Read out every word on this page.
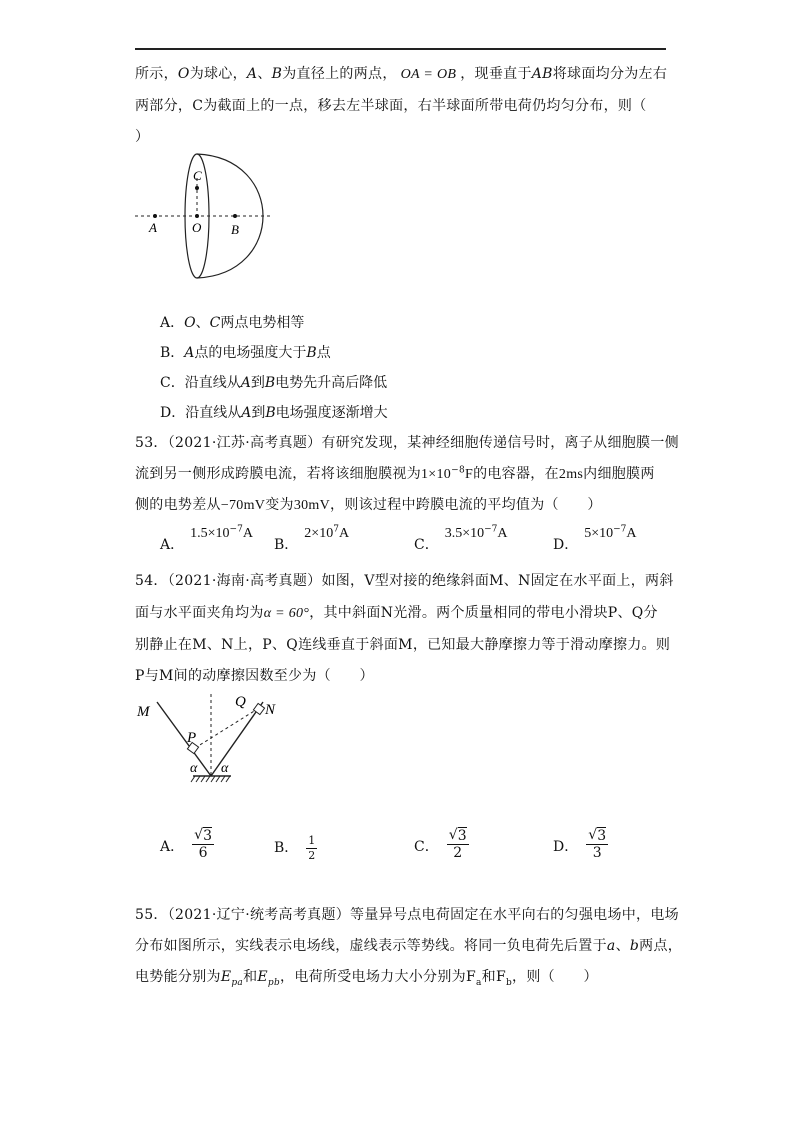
所示，O为球心，A、B为直径上的两点， OA = OB ，现垂直于AB将球面均分为左右
两部分，C为截面上的一点，移去左半球面，右半球面所带电荷仍均匀分布，则（
）
C
O
A	B
A．O、C两点电势相等
B．A点的电场强度大于B点
C．沿直线从A到B电势先升高后降低
D．沿直线从A到B电场强度逐渐增大
53．（2021·江苏·高考真题）有研究发现，某神经细胞传递信号时，离子从细胞膜一侧
流到另一侧形成跨膜电流，若将该细胞膜视为$1\times 10^{-8}F$的电容器，在2ms内细胞膜两
侧的电势差从−70mV变为30mV，则该过程中跨膜电流的平均值为（　　）
A．$1.5\times 10^{-7}A$
B．$2\times 10^7A$
C．$3.5\times 10^{-7}A$
D．$5\times 10^{-7}A$
54．（2021·海南·高考真题）如图，V型对接的绝缘斜面M、N固定在水平面上，两斜
面与水平面夹角均为α = 60°，其中斜面N光滑。两个质量相同的带电小滑块P、Q分
别静止在M、N上，P、Q连线垂直于斜面M，已知最大静摩擦力等于滑动摩擦力。则
P与M间的动摩擦因数至少为（　　）
M
Q N
P
α α
A． √ $\frac{3}{6}$	B． $\frac{1}{2}$	C． √ $\frac{3}{2}$	D． √ $\frac{3}{3}$
55．（2021·辽宁·统考高考真题）等量异号点电荷固定在水平向右的匀强电场中，电场
分布如图所示，实线表示电场线，虚线表示等势线。将同一负电荷先后置于a、b两点，
电势能分别为$E_{pa}$和$E_{pb}$，电荷所受电场力大小分别为$F_a$和$F_b$，则（　　）
